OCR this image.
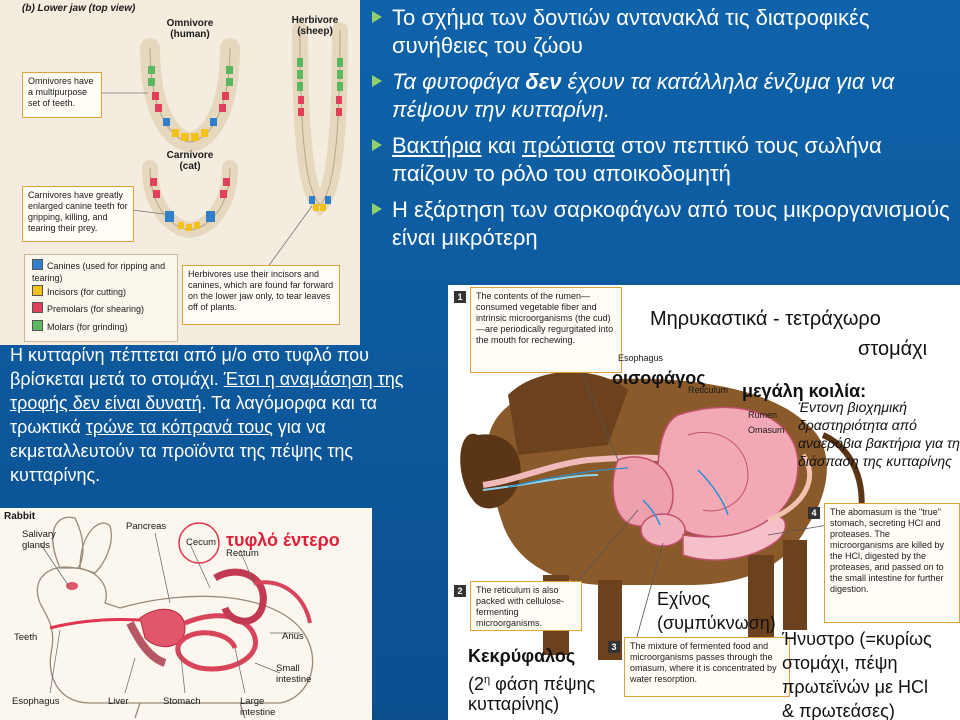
(b) Lower jaw (top view)
Omnivore
(human)
Herbivore
(sheep)
Carnivore
(cat)
Omnivores have a multipurpose set of teeth.
Carnivores have greatly enlarged canine teeth for gripping, killing, and tearing their prey.
Herbivores use their incisors and canines, which are found far forward on the lower jaw only, to tear leaves off of plants.
Canines (used for ripping and tearing)
Incisors (for cutting)
Premolars (for shearing)
Molars (for grinding)
Το σχήμα των δοντιών αντανακλά τις διατροφικές συνήθειες του ζώου
Τα φυτοφάγα δεν έχουν τα κατάλληλα ένζυμα για να πέψουν την κυτταρίνη.
Βακτήρια και πρώτιστα στον πεπτικό τους σωλήνα παίζουν το ρόλο του αποικοδομητή
Η εξάρτηση των σαρκοφάγων από τους μικροργανισμούς είναι μικρότερη
Η κυτταρίνη πέπτεται από μ/ο στο τυφλό που βρίσκεται μετά το στομάχι. Έτσι η αναμάσηση της τροφής δεν είναι δυνατή. Τα λαγόμορφα και τα τρωκτικά τρώνε τα κόπρανά τους για να εκμεταλλευτούν τα προϊόντα της πέψης της κυτταρίνης.
1	The contents of the rumen—consumed vegetable fiber and intrinsic microorganisms (the cud)—are periodically regurgitated into the mouth for rechewing.
2	The reticulum is also packed with cellulose-fermenting microorganisms.
3	The mixture of fermented food and microorganisms passes through the omasum, where it is concentrated by water resorption.
4	The abomasum is the "true" stomach, secreting HCl and proteases. The microorganisms are killed by the HCl, digested by the proteases, and passed on to the small intestine for further digestion.
Esophagus
Reticulum
Rumen
Omasum
Μηρυκαστικά - τετράχωρο
στομάχι
οισοφάγος
μεγάλη κοιλία:
Έντονη βιοχημική δραστηριότητα από αναερόβια βακτήρια για τη διάσπαση της κυτταρίνης
Εχίνος
(συμπύκνωση)
Κεκρύφαλος
($2^\eta$ φάση πέψης
κυτταρίνης)
Ήνυστρο (=κυρίως
στομάχι, πέψη
πρωτεϊνών με HCl
& πρωτεάσες)
Rabbit
Pancreas
Cecum
Rectum
Salivary
glands
Teeth	Anus
Small
intestine
Esophagus	Liver	Stomach	Large
intestine
τυφλό έντερο
